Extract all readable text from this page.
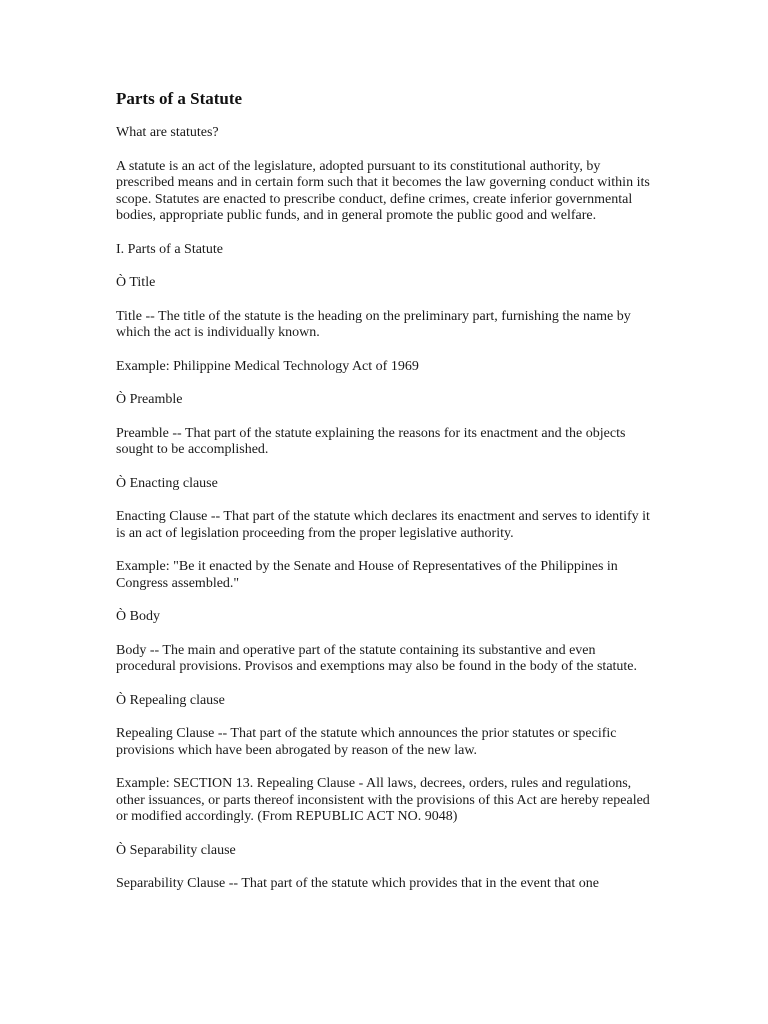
Parts of a Statute

What are statutes?

A statute is an act of the legislature, adopted pursuant to its constitutional authority, by prescribed means and in certain form such that it becomes the law governing conduct within its scope. Statutes are enacted to prescribe conduct, define crimes, create inferior governmental bodies, appropriate public funds, and in general promote the public good and welfare.

I. Parts of a Statute

Ò Title

Title -- The title of the statute is the heading on the preliminary part, furnishing the name by which the act is individually known.

Example: Philippine Medical Technology Act of 1969

Ò Preamble

Preamble -- That part of the statute explaining the reasons for its enactment and the objects sought to be accomplished.

Ò Enacting clause

Enacting Clause -- That part of the statute which declares its enactment and serves to identify it is an act of legislation proceeding from the proper legislative authority.

Example: "Be it enacted by the Senate and House of Representatives of the Philippines in Congress assembled."

Ò Body

Body -- The main and operative part of the statute containing its substantive and even procedural provisions. Provisos and exemptions may also be found in the body of the statute.

Ò Repealing clause

Repealing Clause -- That part of the statute which announces the prior statutes or specific provisions which have been abrogated by reason of the new law.

Example: SECTION 13. Repealing Clause - All laws, decrees, orders, rules and regulations, other issuances, or parts thereof inconsistent with the provisions of this Act are hereby repealed or modified accordingly. (From REPUBLIC ACT NO. 9048)

Ò Separability clause

Separability Clause -- That part of the statute which provides that in the event that one
